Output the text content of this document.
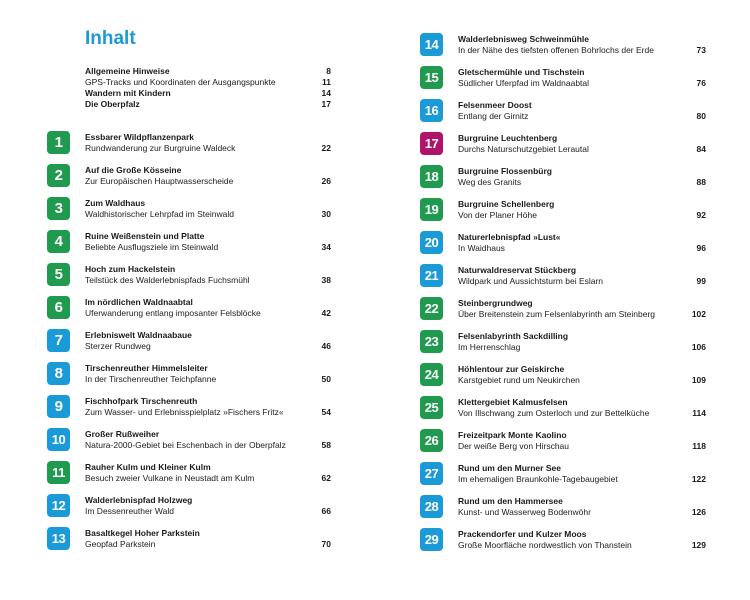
Inhalt
Allgemeine Hinweise	8
GPS-Tracks und Koordinaten der Ausgangspunkte	11
Wandern mit Kindern	14
Die Oberpfalz	17
1	Essbarer Wildpflanzenpark
Rundwanderung zur Burgruine Waldeck	22
2	Auf die Große Kösseine
Zur Europäischen Hauptwasserscheide	26
3	Zum Waldhaus
Waldhistorischer Lehrpfad im Steinwald	30
4	Ruine Weißenstein und Platte
Beliebte Ausflugsziele im Steinwald	34
5	Hoch zum Hackelstein
Teilstück des Walderlebnispfads Fuchsmühl	38
6	Im nördlichen Waldnaabtal
Uferwanderung entlang imposanter Felsblöcke	42
7	Erlebniswelt Waldnaabaue
Sterzer Rundweg	46
8	Tirschenreuther Himmelsleiter
In der Tirschenreuther Teichpfanne	50
9	Fischhofpark Tirschenreuth
Zum Wasser- und Erlebnisspielplatz »Fischers Fritz«	54
10	Großer Rußweiher
Natura-2000-Gebiet bei Eschenbach in der Oberpfalz	58
11	Rauher Kulm und Kleiner Kulm
Besuch zweier Vulkane in Neustadt am Kulm	62
12	Walderlebnispfad Holzweg
Im Dessenreuther Wald	66
13	Basaltkegel Hoher Parkstein
Geopfad Parkstein	70
14	Walderlebnisweg Schweinmühle
In der Nähe des tiefsten offenen Bohrlochs der Erde	73
15	Gletschermühle und Tischstein
Südlicher Uferpfad im Waldnaabtal	76
16	Felsenmeer Doost
Entlang der Girnitz	80
17	Burgruine Leuchtenberg
Durchs Naturschutzgebiet Lerautal	84
18	Burgruine Flossenbürg
Weg des Granits	88
19	Burgruine Schellenberg
Von der Planer Höhe	92
20	Naturerlebnispfad »Lust«
In Waidhaus	96
21	Naturwaldreservat Stückberg
Wildpark und Aussichtsturm bei Eslarn	99
22	Steinbergrundweg
Über Breitenstein zum Felsenlabyrinth am Steinberg	102
23	Felsenlabyrinth Sackdilling
Im Herrenschlag	106
24	Höhlentour zur Geiskirche
Karstgebiet rund um Neukirchen	109
25	Klettergebiet Kalmusfelsen
Von Illschwang zum Osterloch und zur Bettelküche	114
26	Freizeitpark Monte Kaolino
Der weiße Berg von Hirschau	118
27	Rund um den Murner See
Im ehemaligen Braunkohle-Tagebaugebiet	122
28	Rund um den Hammersee
Kunst- und Wasserweg Bodenwöhr	126
29	Prackendorfer und Kulzer Moos
Große Moorfläche nordwestlich von Thanstein	129
